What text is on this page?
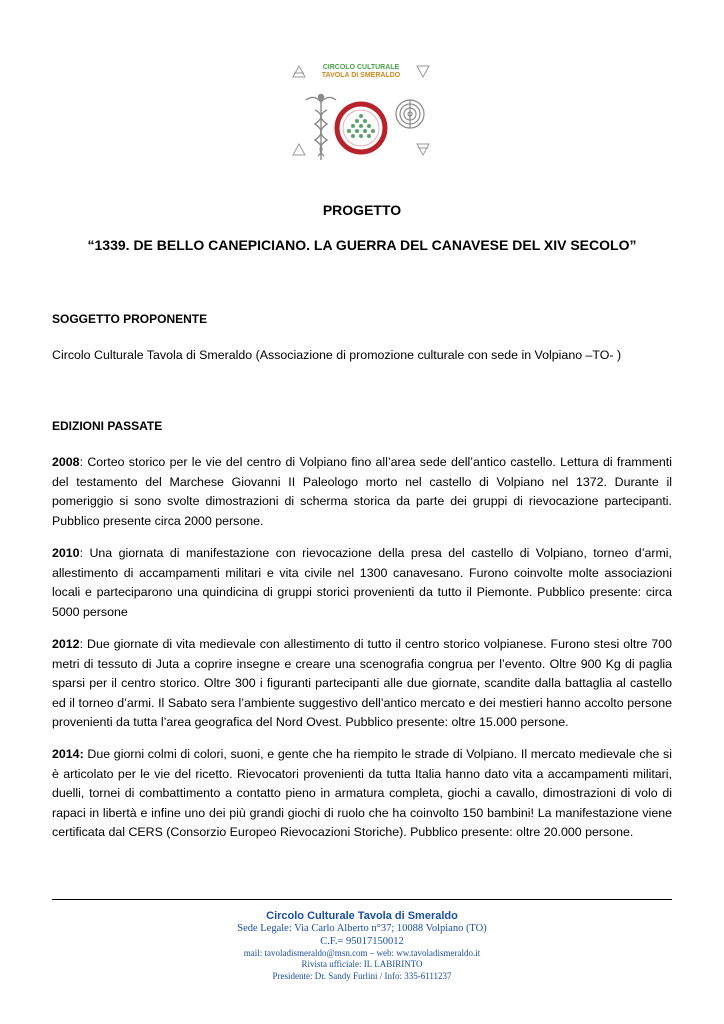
CIRCOLO CULTURALE
TAVOLA DI SMERALDO
PROGETTO
“1339. DE BELLO CANEPICIANO. LA GUERRA DEL CANAVESE DEL XIV SECOLO”
SOGGETTO PROPONENTE
Circolo Culturale Tavola di Smeraldo (Associazione di promozione culturale con sede in Volpiano –TO- )
EDIZIONI PASSATE
2008: Corteo storico per le vie del centro di Volpiano fino all’area sede dell’antico castello. Lettura di frammenti del testamento del Marchese Giovanni II Paleologo morto nel castello di Volpiano nel 1372. Durante il pomeriggio si sono svolte dimostrazioni di scherma storica da parte dei gruppi di rievocazione partecipanti. Pubblico presente circa 2000 persone.
2010: Una giornata di manifestazione con rievocazione della presa del castello di Volpiano, torneo d’armi, allestimento di accampamenti militari e vita civile nel 1300 canavesano. Furono coinvolte molte associazioni locali e parteciparono una quindicina di gruppi storici provenienti da tutto il Piemonte. Pubblico presente: circa 5000 persone
2012: Due giornate di vita medievale con allestimento di tutto il centro storico volpianese. Furono stesi oltre 700 metri di tessuto di Juta a coprire insegne e creare una scenografia congrua per l’evento. Oltre 900 Kg di paglia sparsi per il centro storico. Oltre 300 i figuranti partecipanti alle due giornate, scandite dalla battaglia al castello ed il torneo d’armi. Il Sabato sera l’ambiente suggestivo dell’antico mercato e dei mestieri hanno accolto persone provenienti da tutta l’area geografica del Nord Ovest. Pubblico presente: oltre 15.000 persone.
2014: Due giorni colmi di colori, suoni, e gente che ha riempito le strade di Volpiano. Il mercato medievale che si è articolato per le vie del ricetto. Rievocatori provenienti da tutta Italia hanno dato vita a accampamenti militari, duelli, tornei di combattimento a contatto pieno in armatura completa, giochi a cavallo, dimostrazioni di volo di rapaci in libertà e infine uno dei più grandi giochi di ruolo che ha coinvolto 150 bambini! La manifestazione viene certificata dal CERS (Consorzio Europeo Rievocazioni Storiche). Pubblico presente: oltre 20.000 persone.
Circolo Culturale Tavola di Smeraldo
Sede Legale: Via Carlo Alberto n°37; 10088 Volpiano (TO)
C.F.= 95017150012
mail: tavoladismeraldo@msn.com – web: ww.tavoladismeraldo.it
Rivista ufficiale: IL LABIRINTO
Presidente: Dr. Sandy Furlini / Info: 335-6111237
